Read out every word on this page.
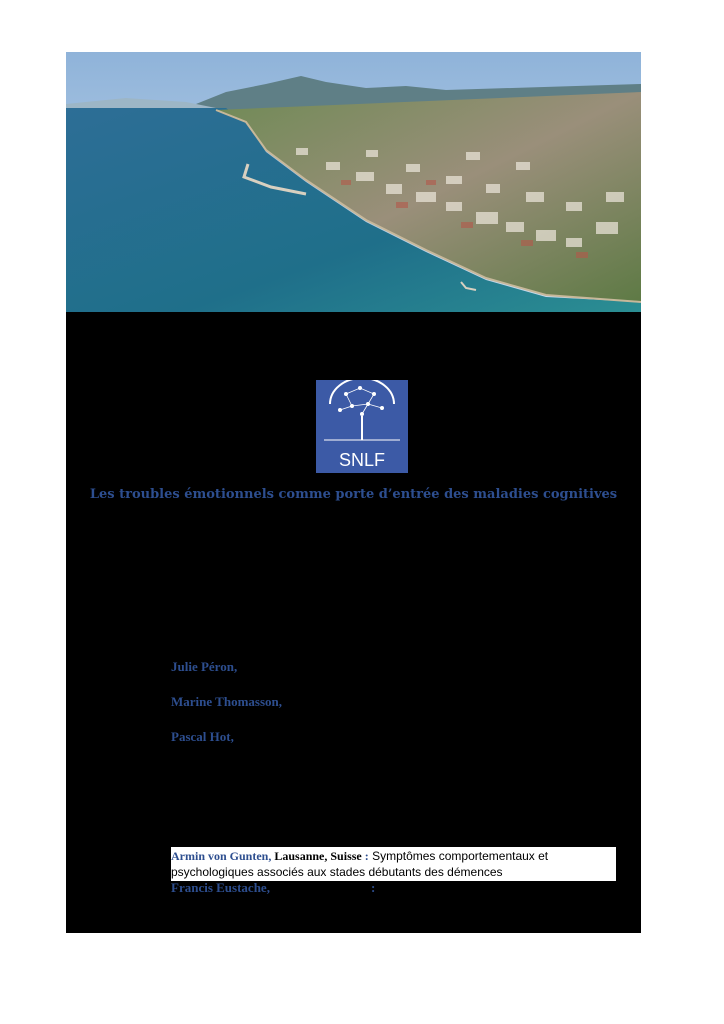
SNLF
Les troubles émotionnels comme porte d’entrée des maladies cognitives
Julie Péron,
Marine Thomasson,
Pascal Hot,
Armin von Gunten, Lausanne, Suisse : Symptômes comportementaux et psychologiques associés aux stades débutants des démences
Francis Eustache,	:
